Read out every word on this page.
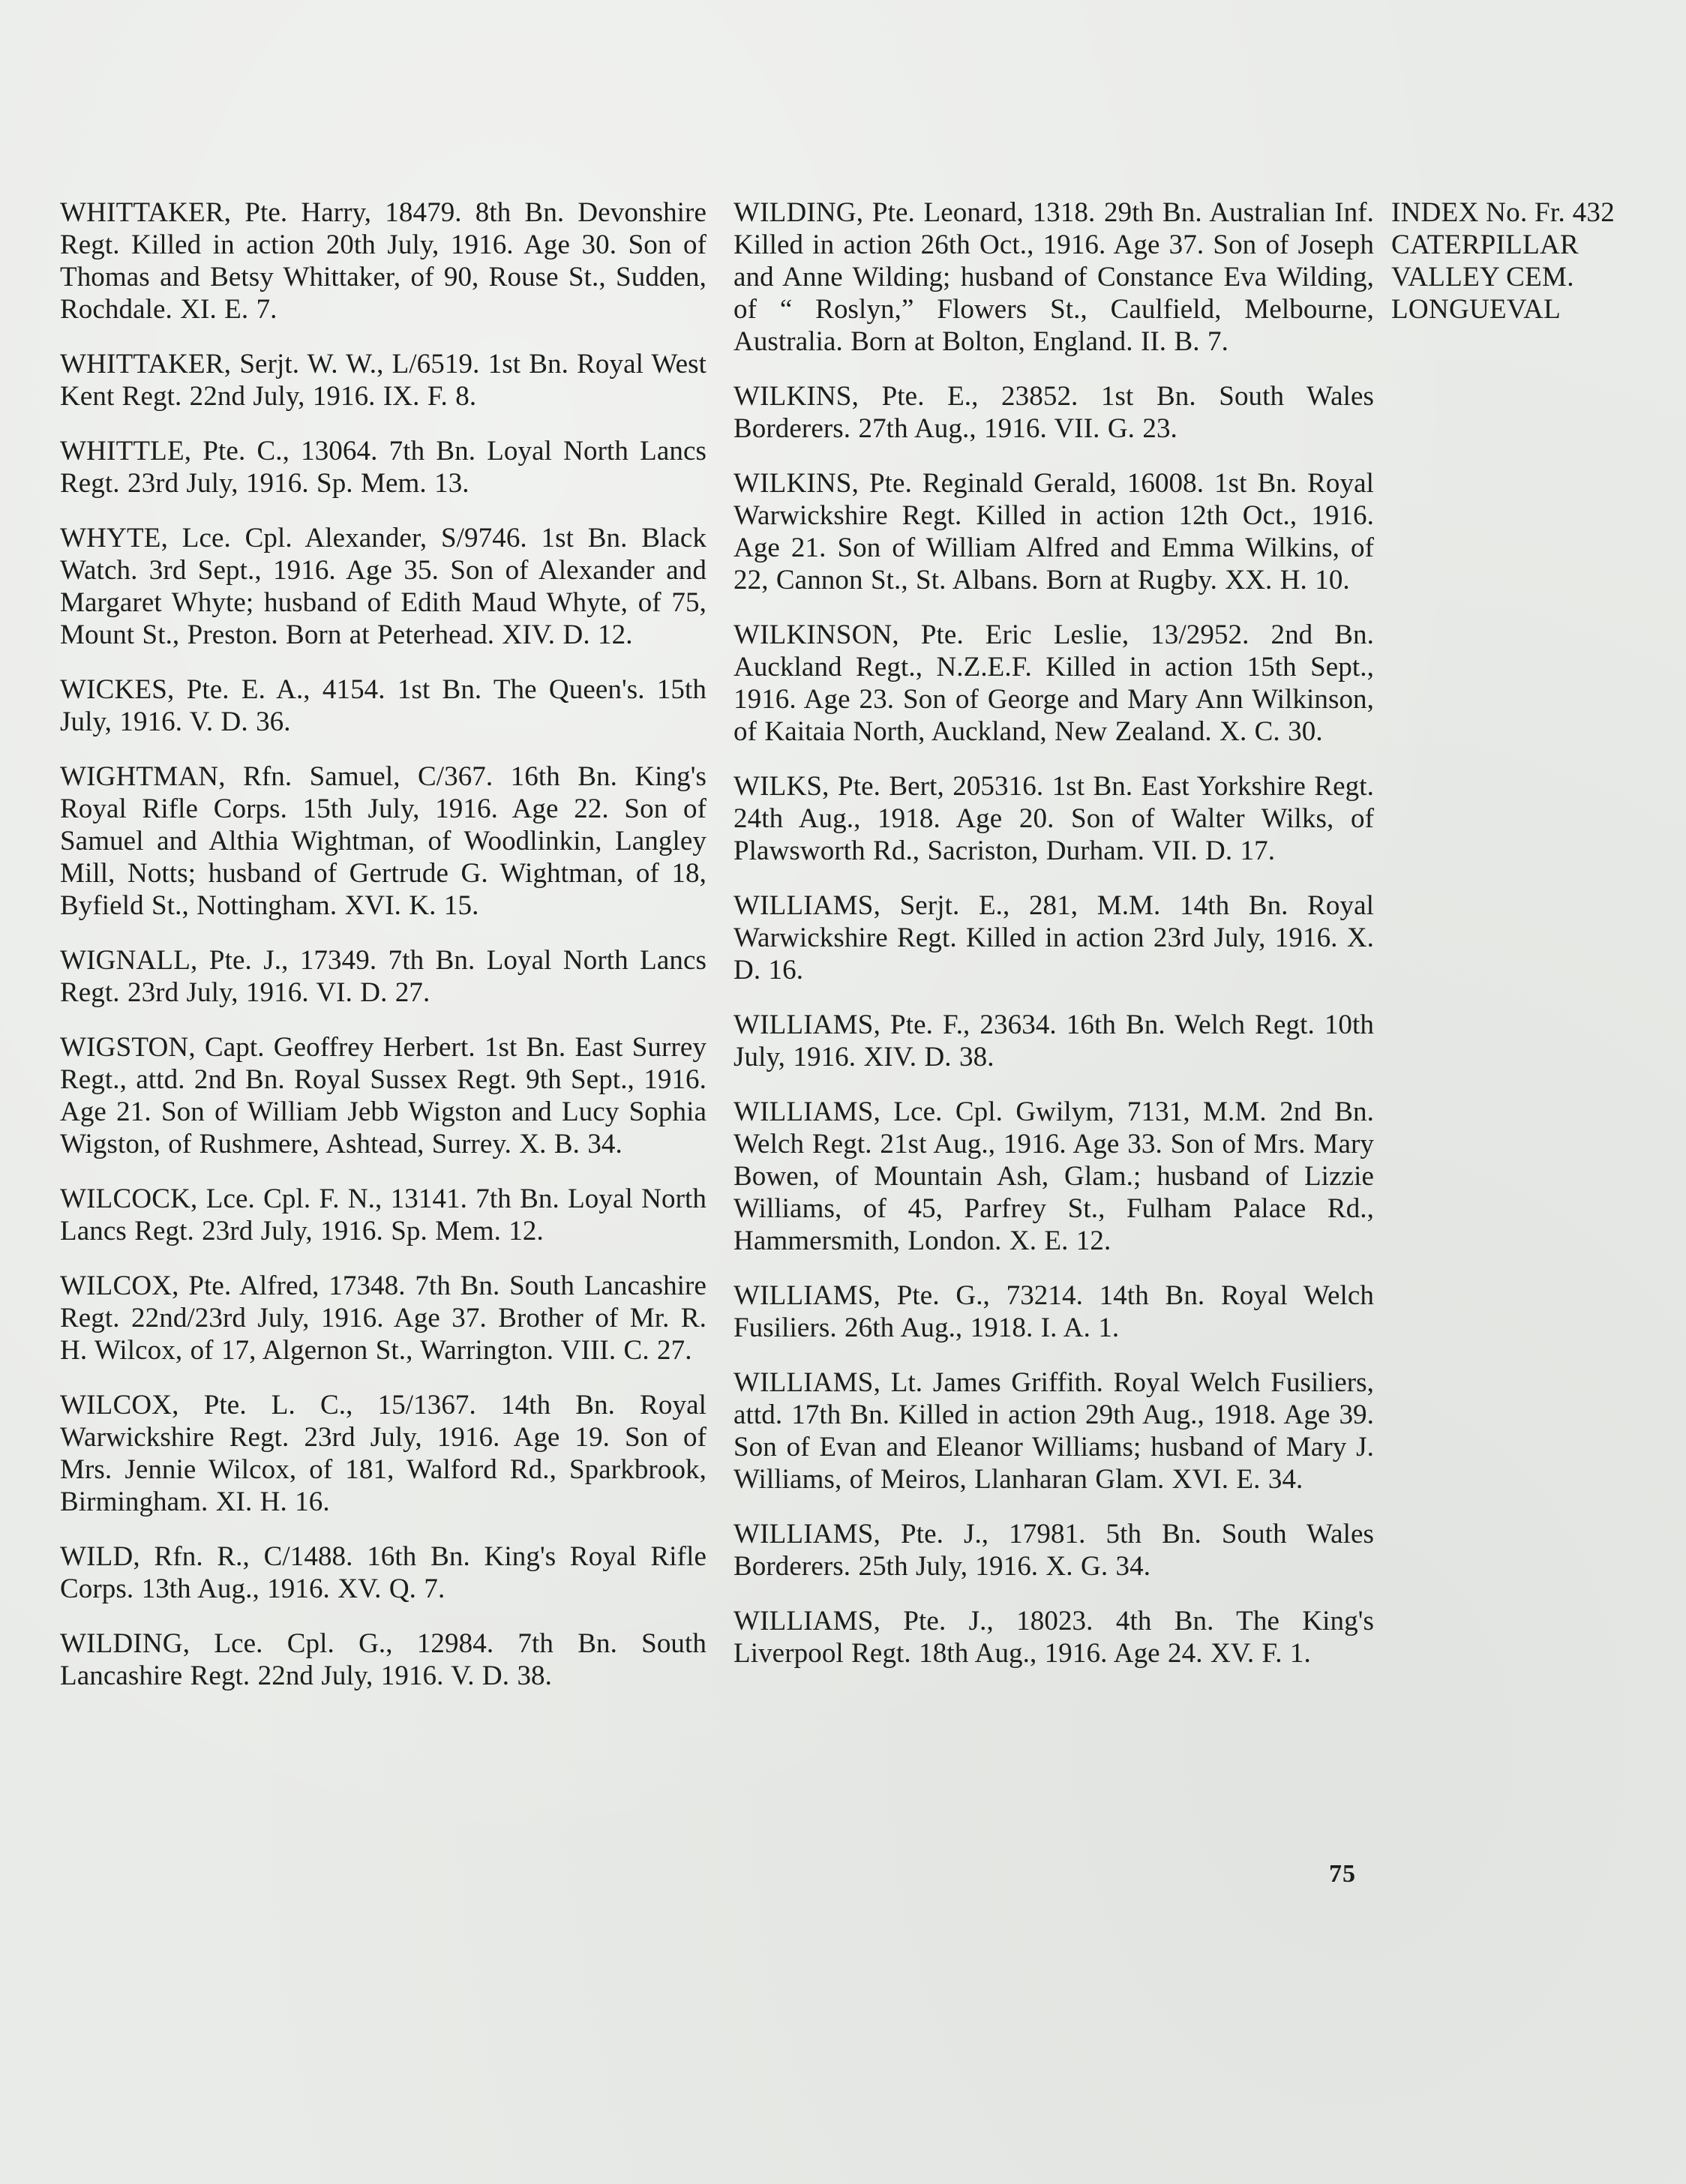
WHITTAKER, Pte. Harry, 18479. 8th Bn. Devonshire Regt. Killed in action 20th July, 1916. Age 30. Son of Thomas and Betsy Whittaker, of 90, Rouse St., Sudden, Rochdale. XI. E. 7.

WHITTAKER, Serjt. W. W., L/6519. 1st Bn. Royal West Kent Regt. 22nd July, 1916. IX. F. 8.

WHITTLE, Pte. C., 13064. 7th Bn. Loyal North Lancs Regt. 23rd July, 1916. Sp. Mem. 13.

WHYTE, Lce. Cpl. Alexander, S/9746. 1st Bn. Black Watch. 3rd Sept., 1916. Age 35. Son of Alexander and Margaret Whyte; husband of Edith Maud Whyte, of 75, Mount St., Preston. Born at Peterhead. XIV. D. 12.

WICKES, Pte. E. A., 4154. 1st Bn. The Queen's. 15th July, 1916. V. D. 36.

WIGHTMAN, Rfn. Samuel, C/367. 16th Bn. King's Royal Rifle Corps. 15th July, 1916. Age 22. Son of Samuel and Althia Wightman, of Woodlinkin, Langley Mill, Notts; husband of Gertrude G. Wightman, of 18, Byfield St., Nottingham. XVI. K. 15.

WIGNALL, Pte. J., 17349. 7th Bn. Loyal North Lancs Regt. 23rd July, 1916. VI. D. 27.

WIGSTON, Capt. Geoffrey Herbert. 1st Bn. East Surrey Regt., attd. 2nd Bn. Royal Sussex Regt. 9th Sept., 1916. Age 21. Son of William Jebb Wigston and Lucy Sophia Wigston, of Rushmere, Ashtead, Surrey. X. B. 34.

WILCOCK, Lce. Cpl. F. N., 13141. 7th Bn. Loyal North Lancs Regt. 23rd July, 1916. Sp. Mem. 12.

WILCOX, Pte. Alfred, 17348. 7th Bn. South Lancashire Regt. 22nd/23rd July, 1916. Age 37. Brother of Mr. R. H. Wilcox, of 17, Algernon St., Warrington. VIII. C. 27.

WILCOX, Pte. L. C., 15/1367. 14th Bn. Royal Warwickshire Regt. 23rd July, 1916. Age 19. Son of Mrs. Jennie Wilcox, of 181, Walford Rd., Sparkbrook, Birmingham. XI. H. 16.

WILD, Rfn. R., C/1488. 16th Bn. King's Royal Rifle Corps. 13th Aug., 1916. XV. Q. 7.

WILDING, Lce. Cpl. G., 12984. 7th Bn. South Lancashire Regt. 22nd July, 1916. V. D. 38.

WILDING, Pte. Leonard, 1318. 29th Bn. Australian Inf. Killed in action 26th Oct., 1916. Age 37. Son of Joseph and Anne Wilding; husband of Constance Eva Wilding, of “ Roslyn,” Flowers St., Caulfield, Melbourne, Australia. Born at Bolton, England. II. B. 7.

WILKINS, Pte. E., 23852. 1st Bn. South Wales Borderers. 27th Aug., 1916. VII. G. 23.

WILKINS, Pte. Reginald Gerald, 16008. 1st Bn. Royal Warwickshire Regt. Killed in action 12th Oct., 1916. Age 21. Son of William Alfred and Emma Wilkins, of 22, Cannon St., St. Albans. Born at Rugby. XX. H. 10.

WILKINSON, Pte. Eric Leslie, 13/2952. 2nd Bn. Auckland Regt., N.Z.E.F. Killed in action 15th Sept., 1916. Age 23. Son of George and Mary Ann Wilkinson, of Kaitaia North, Auckland, New Zealand. X. C. 30.

WILKS, Pte. Bert, 205316. 1st Bn. East Yorkshire Regt. 24th Aug., 1918. Age 20. Son of Walter Wilks, of Plawsworth Rd., Sacriston, Durham. VII. D. 17.

WILLIAMS, Serjt. E., 281, M.M. 14th Bn. Royal Warwickshire Regt. Killed in action 23rd July, 1916. X. D. 16.

WILLIAMS, Pte. F., 23634. 16th Bn. Welch Regt. 10th July, 1916. XIV. D. 38.

WILLIAMS, Lce. Cpl. Gwilym, 7131, M.M. 2nd Bn. Welch Regt. 21st Aug., 1916. Age 33. Son of Mrs. Mary Bowen, of Mountain Ash, Glam.; husband of Lizzie Williams, of 45, Parfrey St., Fulham Palace Rd., Hammersmith, London. X. E. 12.

WILLIAMS, Pte. G., 73214. 14th Bn. Royal Welch Fusiliers. 26th Aug., 1918. I. A. 1.

WILLIAMS, Lt. James Griffith. Royal Welch Fusiliers, attd. 17th Bn. Killed in action 29th Aug., 1918. Age 39. Son of Evan and Eleanor Williams; husband of Mary J. Williams, of Meiros, Llanharan Glam. XVI. E. 34.

WILLIAMS, Pte. J., 17981. 5th Bn. South Wales Borderers. 25th July, 1916. X. G. 34.

WILLIAMS, Pte. J., 18023. 4th Bn. The King's Liverpool Regt. 18th Aug., 1916. Age 24. XV. F. 1.

INDEX No. Fr. 432
CATERPILLAR
VALLEY CEM.
LONGUEVAL
75
